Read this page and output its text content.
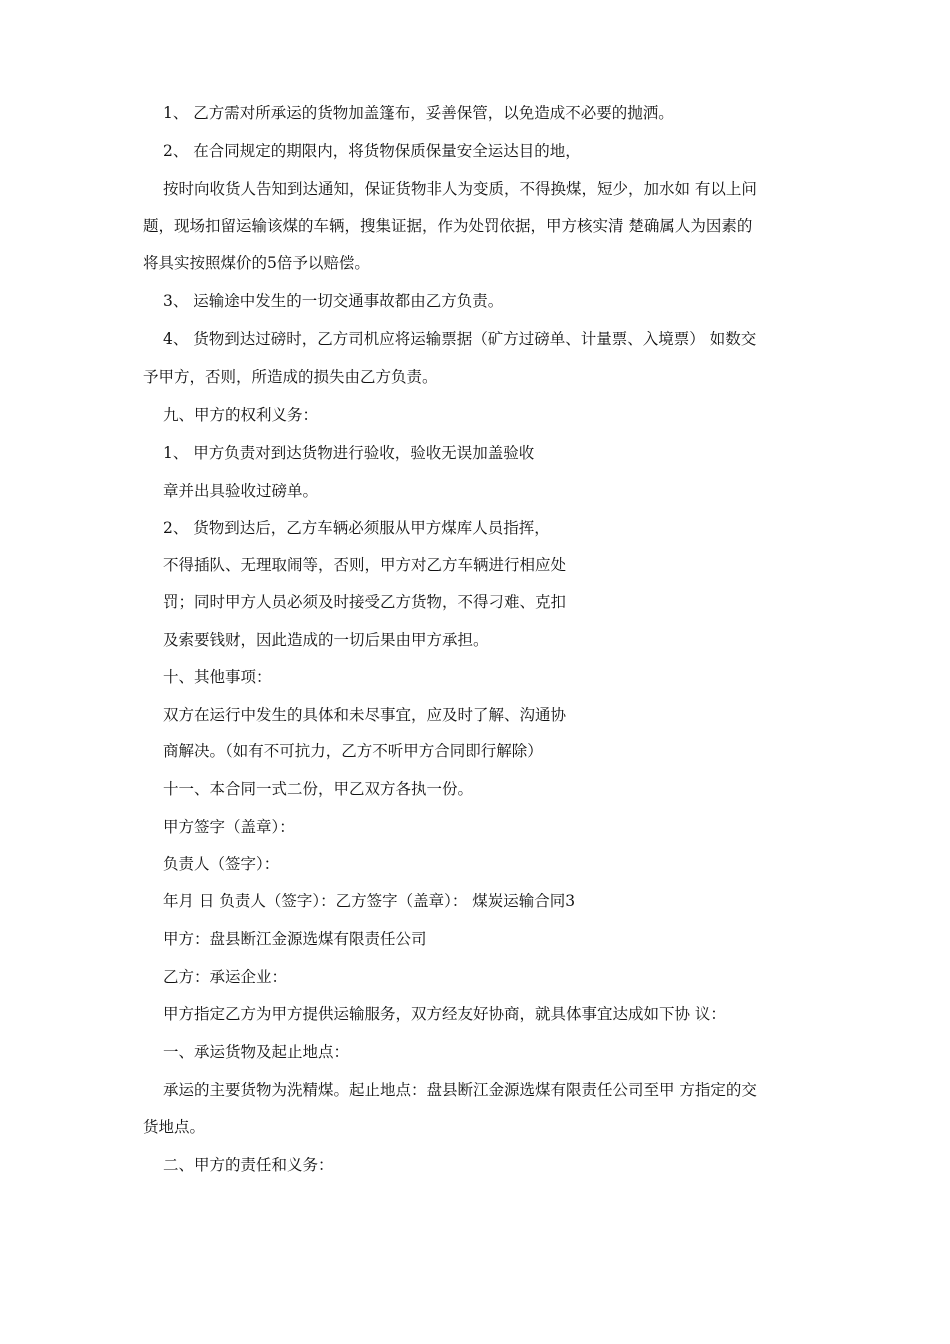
1、 乙方需对所承运的货物加盖篷布，妥善保管，以免造成不必要的抛洒。
2、 在合同规定的期限内，将货物保质保量安全运达目的地，
按时向收货人告知到达通知，保证货物非人为变质，不得换煤，短少，加水如 有以上问
题，现场扣留运输该煤的车辆，搜集证据，作为处罚依据，甲方核实清 楚确属人为因素的
将具实按照煤价的5倍予以赔偿。
3、 运输途中发生的一切交通事故都由乙方负责。
4、 货物到达过磅时，乙方司机应将运输票据（矿方过磅单、计量票、入境票） 如数交
予甲方，否则，所造成的损失由乙方负责。
九、甲方的权利义务：
1、 甲方负责对到达货物进行验收，验收无误加盖验收
章并出具验收过磅单。
2、 货物到达后，乙方车辆必须服从甲方煤库人员指挥，
不得插队、无理取闹等，否则，甲方对乙方车辆进行相应处
罚；同时甲方人员必须及时接受乙方货物，不得刁难、克扣
及索要钱财，因此造成的一切后果由甲方承担。
十、其他事项：
双方在运行中发生的具体和未尽事宜，应及时了解、沟通协
商解决。（如有不可抗力，乙方不听甲方合同即行解除）
十一、本合同一式二份，甲乙双方各执一份。
甲方签字（盖章）：
负责人（签字）：
年月 日 负责人（签字）：乙方签字（盖章）： 煤炭运输合同3
甲方：盘县断江金源选煤有限责任公司
乙方：承运企业：
甲方指定乙方为甲方提供运输服务，双方经友好协商，就具体事宜达成如下协 议：
一、承运货物及起止地点：
承运的主要货物为洗精煤。起止地点：盘县断江金源选煤有限责任公司至甲 方指定的交
货地点。
二、甲方的责任和义务：
